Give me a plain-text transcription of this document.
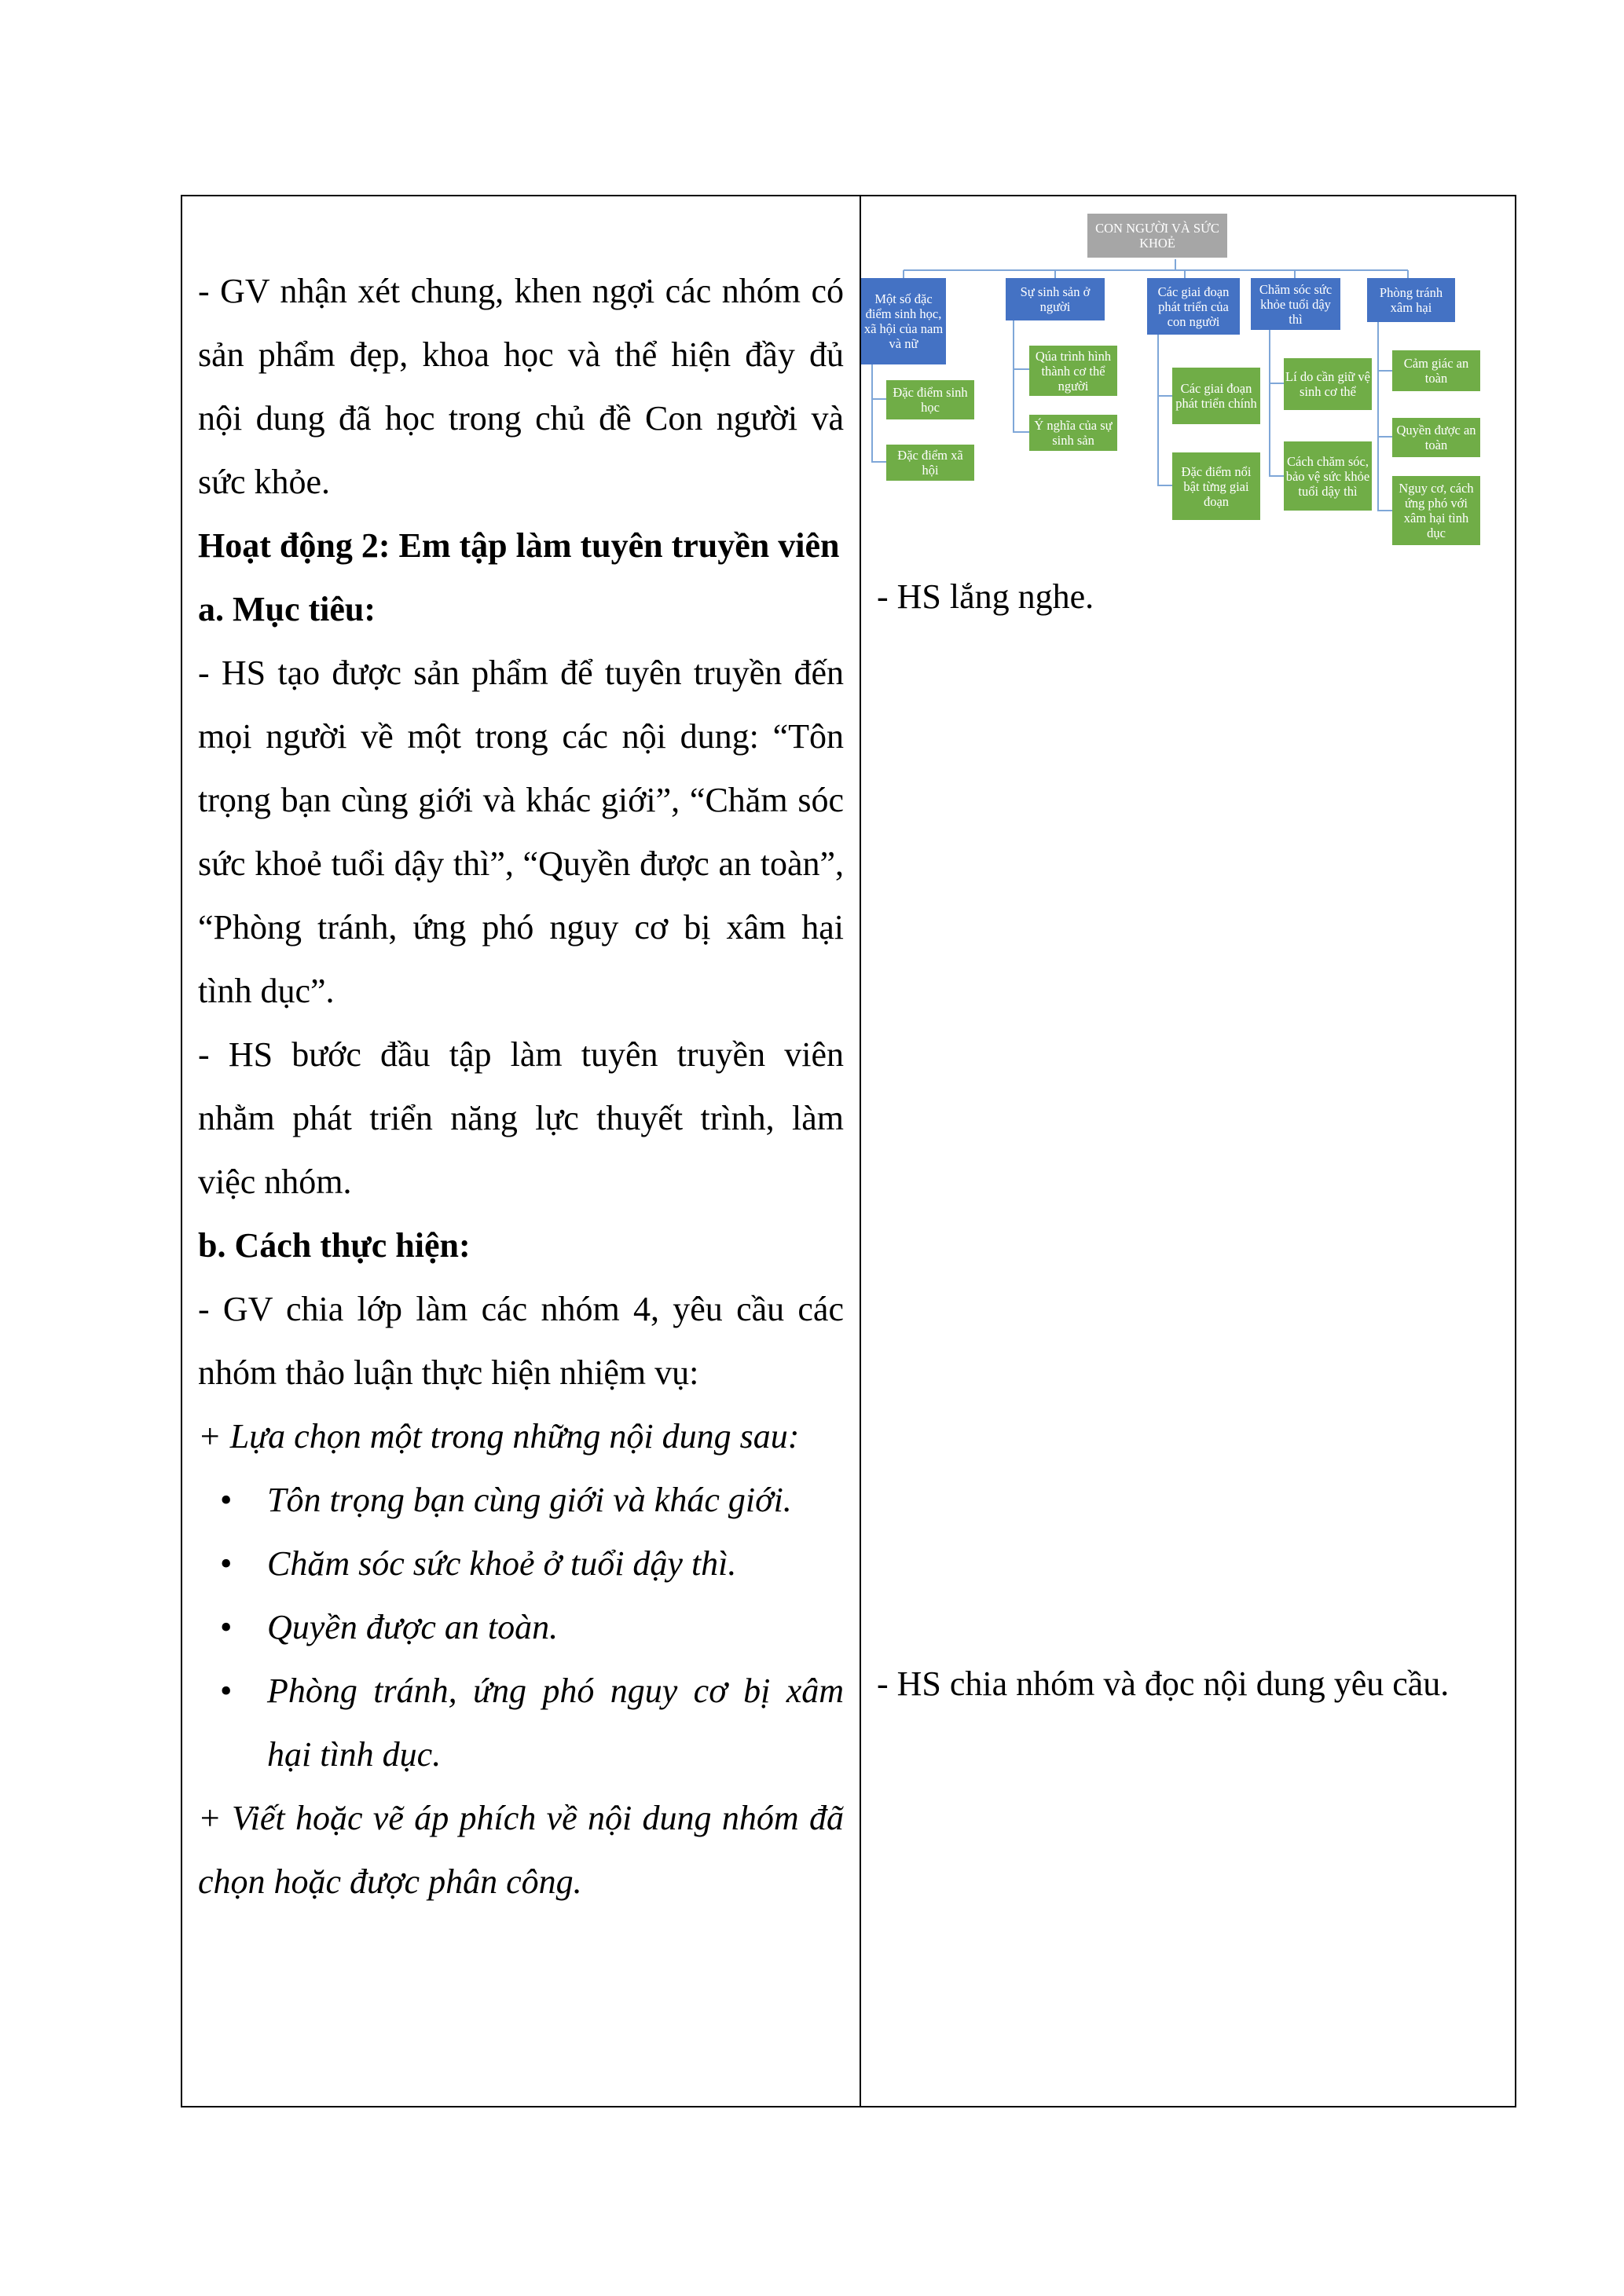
- GV nhận xét chung, khen ngợi các nhóm có sản phẩm đẹp, khoa học và thể hiện đầy đủ nội dung đã học trong chủ đề Con người và sức khỏe.

Hoạt động 2: Em tập làm tuyên truyền viên

a. Mục tiêu:

- HS tạo được sản phẩm để tuyên truyền đến mọi người về một trong các nội dung: “Tôn trọng bạn cùng giới và khác giới”, “Chăm sóc sức khoẻ tuổi dậy thì”, “Quyền được an toàn”, “Phòng tránh, ứng phó nguy cơ bị xâm hại tình dục”.

- HS bước đầu tập làm tuyên truyền viên nhằm phát triển năng lực thuyết trình, làm việc nhóm.

b. Cách thực hiện:

- GV chia lớp làm các nhóm 4, yêu cầu các nhóm thảo luận thực hiện nhiệm vụ:

+ Lựa chọn một trong những nội dung sau:

• Tôn trọng bạn cùng giới và khác giới.
• Chăm sóc sức khoẻ ở tuổi dậy thì.
• Quyền được an toàn.
• Phòng tránh, ứng phó nguy cơ bị xâm hại tình dục.

+ Viết hoặc vẽ áp phích về nội dung nhóm đã chọn hoặc được phân công.

CON NGƯỜI VÀ SỨC KHOẺ
Một số đặc điểm sinh học, xã hội của nam và nữ
Sự sinh sản ở người
Các giai đoạn phát triển của con người
Chăm sóc sức khỏe tuổi dậy thì
Phòng tránh xâm hại
Đặc điểm sinh học
Đặc điểm xã hội
Qúa trình hình thành cơ thể người
Ý nghĩa của sự sinh sản
Các giai đoạn phát triển chính
Đặc điểm nổi bật từng giai đoạn
Lí do cần giữ vệ sinh cơ thể
Cách chăm sóc, bảo vệ sức khỏe tuổi dậy thì
Cảm giác an toàn
Quyền được an toàn
Nguy cơ, cách ứng phó với xâm hại tình dục

- HS lắng nghe.

- HS chia nhóm và đọc nội dung yêu cầu.
